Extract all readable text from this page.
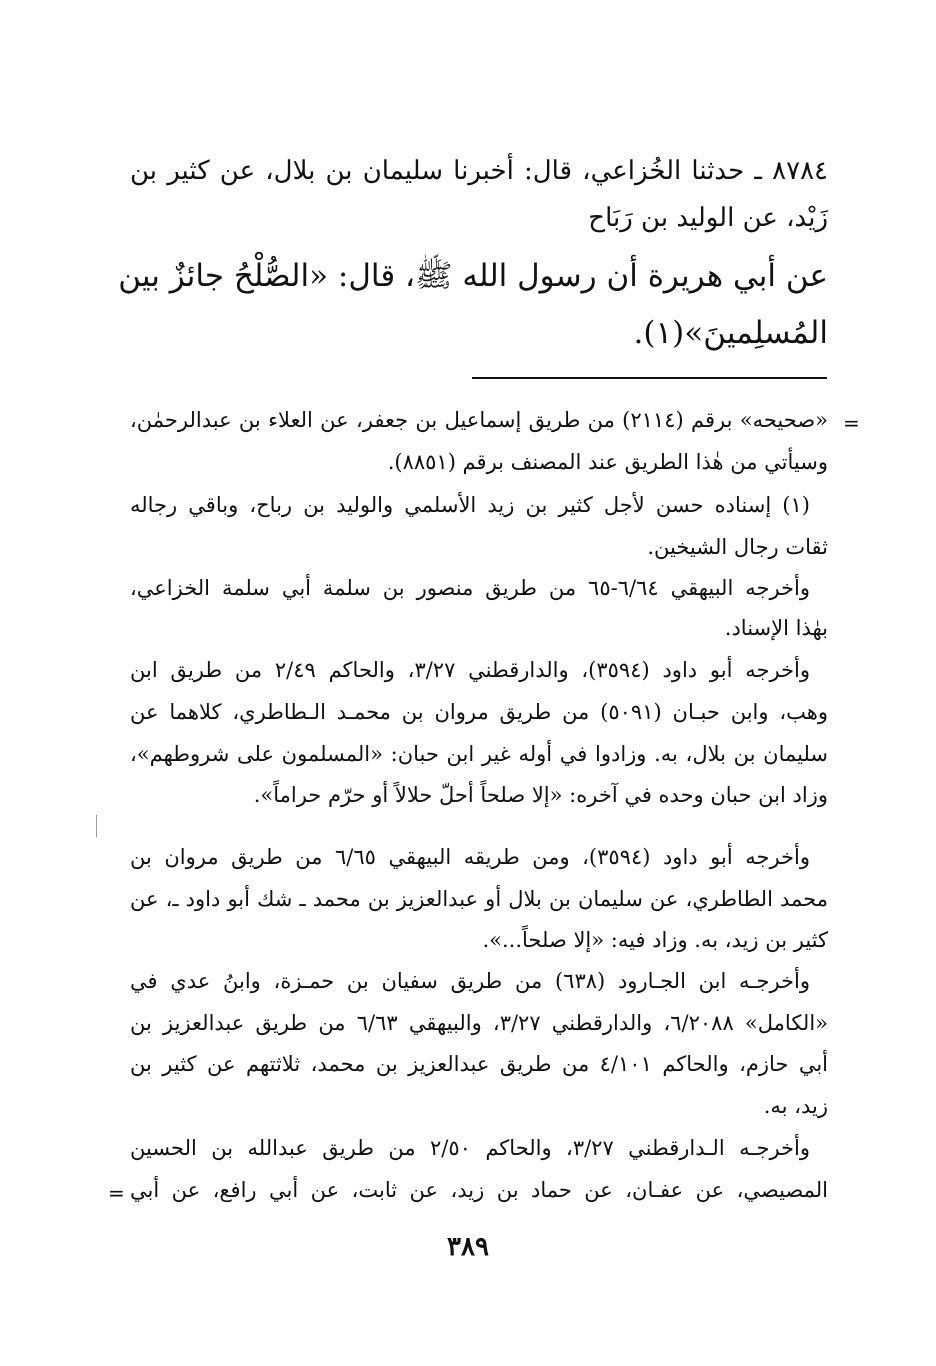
٨٧٨٤ ـ حدثنا الخُزاعي، قال: أخبرنا سليمان بن بلال، عن كثير بن
زَيْد، عن الوليد بن رَبَاح
عن أبي هريرة أن رسول الله ﷺ، قال: «الصُّلْحُ جائزٌ بين
المُسلِمينَ»(١).
=
«صحيحه» برقم (٢١١٤) من طريق إسماعيل بن جعفر، عن العلاء بن عبدالرحمٰن،
وسيأتي من هٰذا الطريق عند المصنف برقم (٨٨٥١).
(١) إسناده حسن لأجل كثير بن زيد الأسلمي والوليد بن رباح، وباقي رجاله
ثقات رجال الشيخين.
وأخرجه البيهقي ٦/٦٤-٦٥ من طريق منصور بن سلمة أبي سلمة الخزاعي،
بهٰذا الإسناد.
وأخرجه أبو داود (٣٥٩٤)، والدارقطني ٣/٢٧، والحاكم ٢/٤٩ من طريق ابن
وهب، وابن حبـان (٥٠٩١) من طريق مروان بن محمـد الـطاطري، كلاهما عن
سليمان بن بلال، به. وزادوا في أوله غير ابن حبان: «المسلمون على شروطهم»،
وزاد ابن حبان وحده في آخره: «إلا صلحاً أحلّ حلالاً أو حرّم حراماً».
وأخرجه أبو داود (٣٥٩٤)، ومن طريقه البيهقي ٦/٦٥ من طريق مروان بن
محمد الطاطري، عن سليمان بن بلال أو عبدالعزيز بن محمد ـ شك أبو داود ـ، عن
كثير بن زيد، به. وزاد فيه: «إلا صلحاً...».
وأخرجـه ابن الجـارود (٦٣٨) من طريق سفيان بن حمـزة، وابنُ عدي في
«الكامل» ٦/٢٠٨٨، والدارقطني ٣/٢٧، والبيهقي ٦/٦٣ من طريق عبدالعزيز بن
أبي حازم، والحاكم ٤/١٠١ من طريق عبدالعزيز بن محمد، ثلاثتهم عن كثير بن
زيد، به.
وأخرجـه الـدارقطني ٣/٢٧، والحاكم ٢/٥٠ من طريق عبدالله بن الحسين
المصيصي، عن عفـان، عن حماد بن زيد، عن ثابت، عن أبي رافع، عن أبي
=
٣٨٩
